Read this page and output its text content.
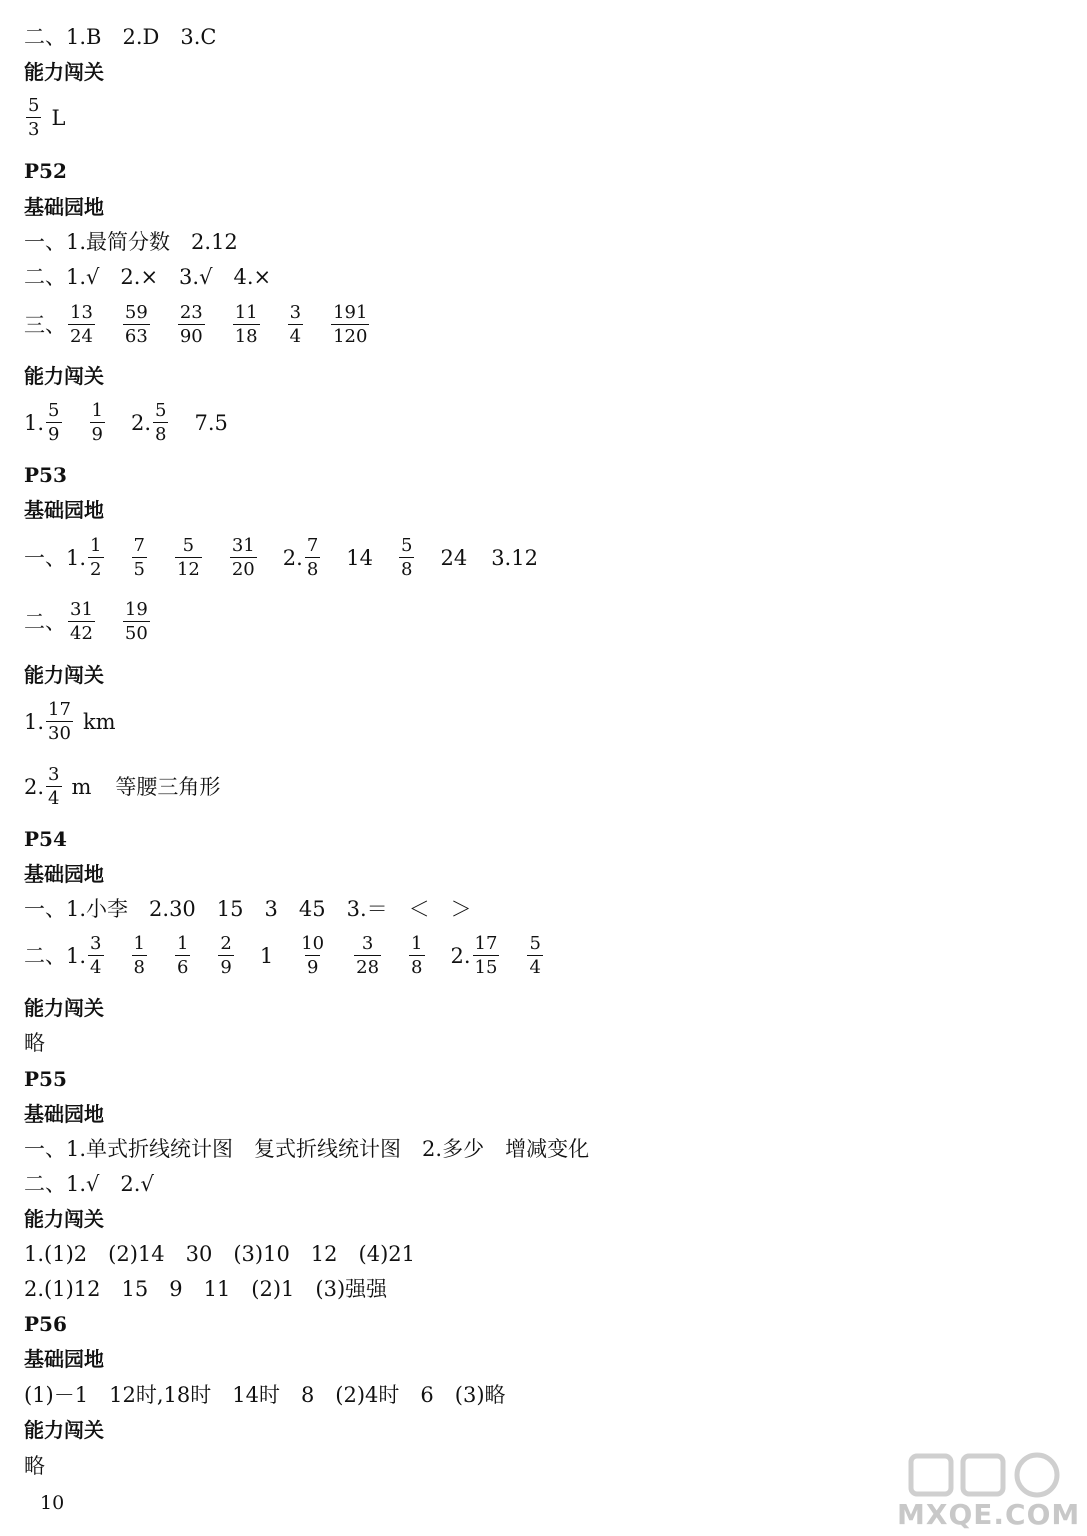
二、1.B　2.D　3.C
能力闯关
$\frac{5}{3}$ L
P52
基础园地
一、1.最简分数　2.12
二、1.√　2.×　3.√　4.×
三、 $\frac{13}{24} \frac{59}{63} \frac{23}{90} \frac{11}{18} \frac{3}{4} \frac{191}{120}$
能力闯关
1. $\frac{5}{9} \frac{1}{9} 2$. $\frac{5}{8} 7.5$
P53
基础园地
一、1. $\frac{1}{2} \frac{7}{5} \frac{5}{12} \frac{31}{20} 2$. $\frac{7}{8} 14 \frac{5}{8} 24$ 3.12
二、 $\frac{31}{42} \frac{19}{50}$
能力闯关
1. $\frac{17}{30}$ km
2. $\frac{3}{4}$ m 等腰三角形
P54
基础园地
一、1.小李　2.30　15　3　45　3.＝　＜　＞
二、1. $\frac{3}{4} \frac{1}{8} \frac{1}{6} \frac{2}{9} 1 \frac{10}{9} \frac{3}{28} \frac{1}{8} 2$. $\frac{17}{15} \frac{5}{4}$
能力闯关
略
P55
基础园地
一、1.单式折线统计图　复式折线统计图　2.多少　增减变化
二、1.√　2.√
能力闯关
1.(1)2　(2)14　30　(3)10　12　(4)21
2.(1)12　15　9　11　(2)1　(3)强强
P56
基础园地
(1)－1　12时,18时　14时　8　(2)4时　6　(3)略
能力闯关
略
10	MXQE.COM
